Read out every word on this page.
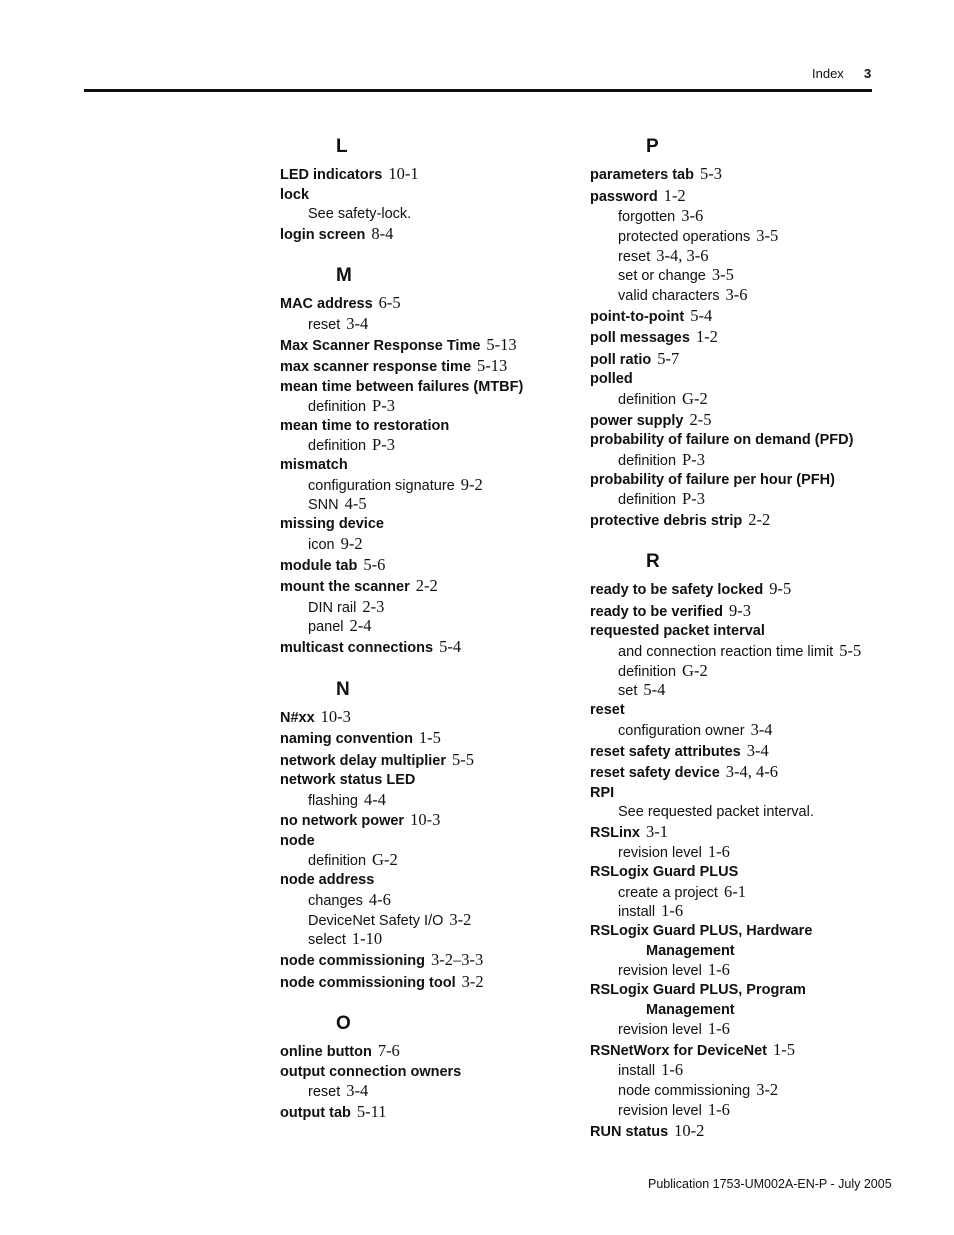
Index 3
L
LED indicators 10-1
lock
See safety-lock.
login screen 8-4
M
MAC address 6-5
reset 3-4
Max Scanner Response Time 5-13
max scanner response time 5-13
mean time between failures (MTBF)
definition P-3
mean time to restoration
definition P-3
mismatch
configuration signature 9-2
SNN 4-5
missing device
icon 9-2
module tab 5-6
mount the scanner 2-2
DIN rail 2-3
panel 2-4
multicast connections 5-4
N
N#xx 10-3
naming convention 1-5
network delay multiplier 5-5
network status LED
flashing 4-4
no network power 10-3
node
definition G-2
node address
changes 4-6
DeviceNet Safety I/O 3-2
select 1-10
node commissioning 3-2–3-3
node commissioning tool 3-2
O
online button 7-6
output connection owners
reset 3-4
output tab 5-11
P
parameters tab 5-3
password 1-2
forgotten 3-6
protected operations 3-5
reset 3-4, 3-6
set or change 3-5
valid characters 3-6
point-to-point 5-4
poll messages 1-2
poll ratio 5-7
polled
definition G-2
power supply 2-5
probability of failure on demand (PFD)
definition P-3
probability of failure per hour (PFH)
definition P-3
protective debris strip 2-2
R
ready to be safety locked 9-5
ready to be verified 9-3
requested packet interval
and connection reaction time limit 5-5
definition G-2
set 5-4
reset
configuration owner 3-4
reset safety attributes 3-4
reset safety device 3-4, 4-6
RPI
See requested packet interval.
RSLinx 3-1
revision level 1-6
RSLogix Guard PLUS
create a project 6-1
install 1-6
RSLogix Guard PLUS, Hardware
Management
revision level 1-6
RSLogix Guard PLUS, Program
Management
revision level 1-6
RSNetWorx for DeviceNet 1-5
install 1-6
node commissioning 3-2
revision level 1-6
RUN status 10-2
Publication 1753-UM002A-EN-P - July 2005
